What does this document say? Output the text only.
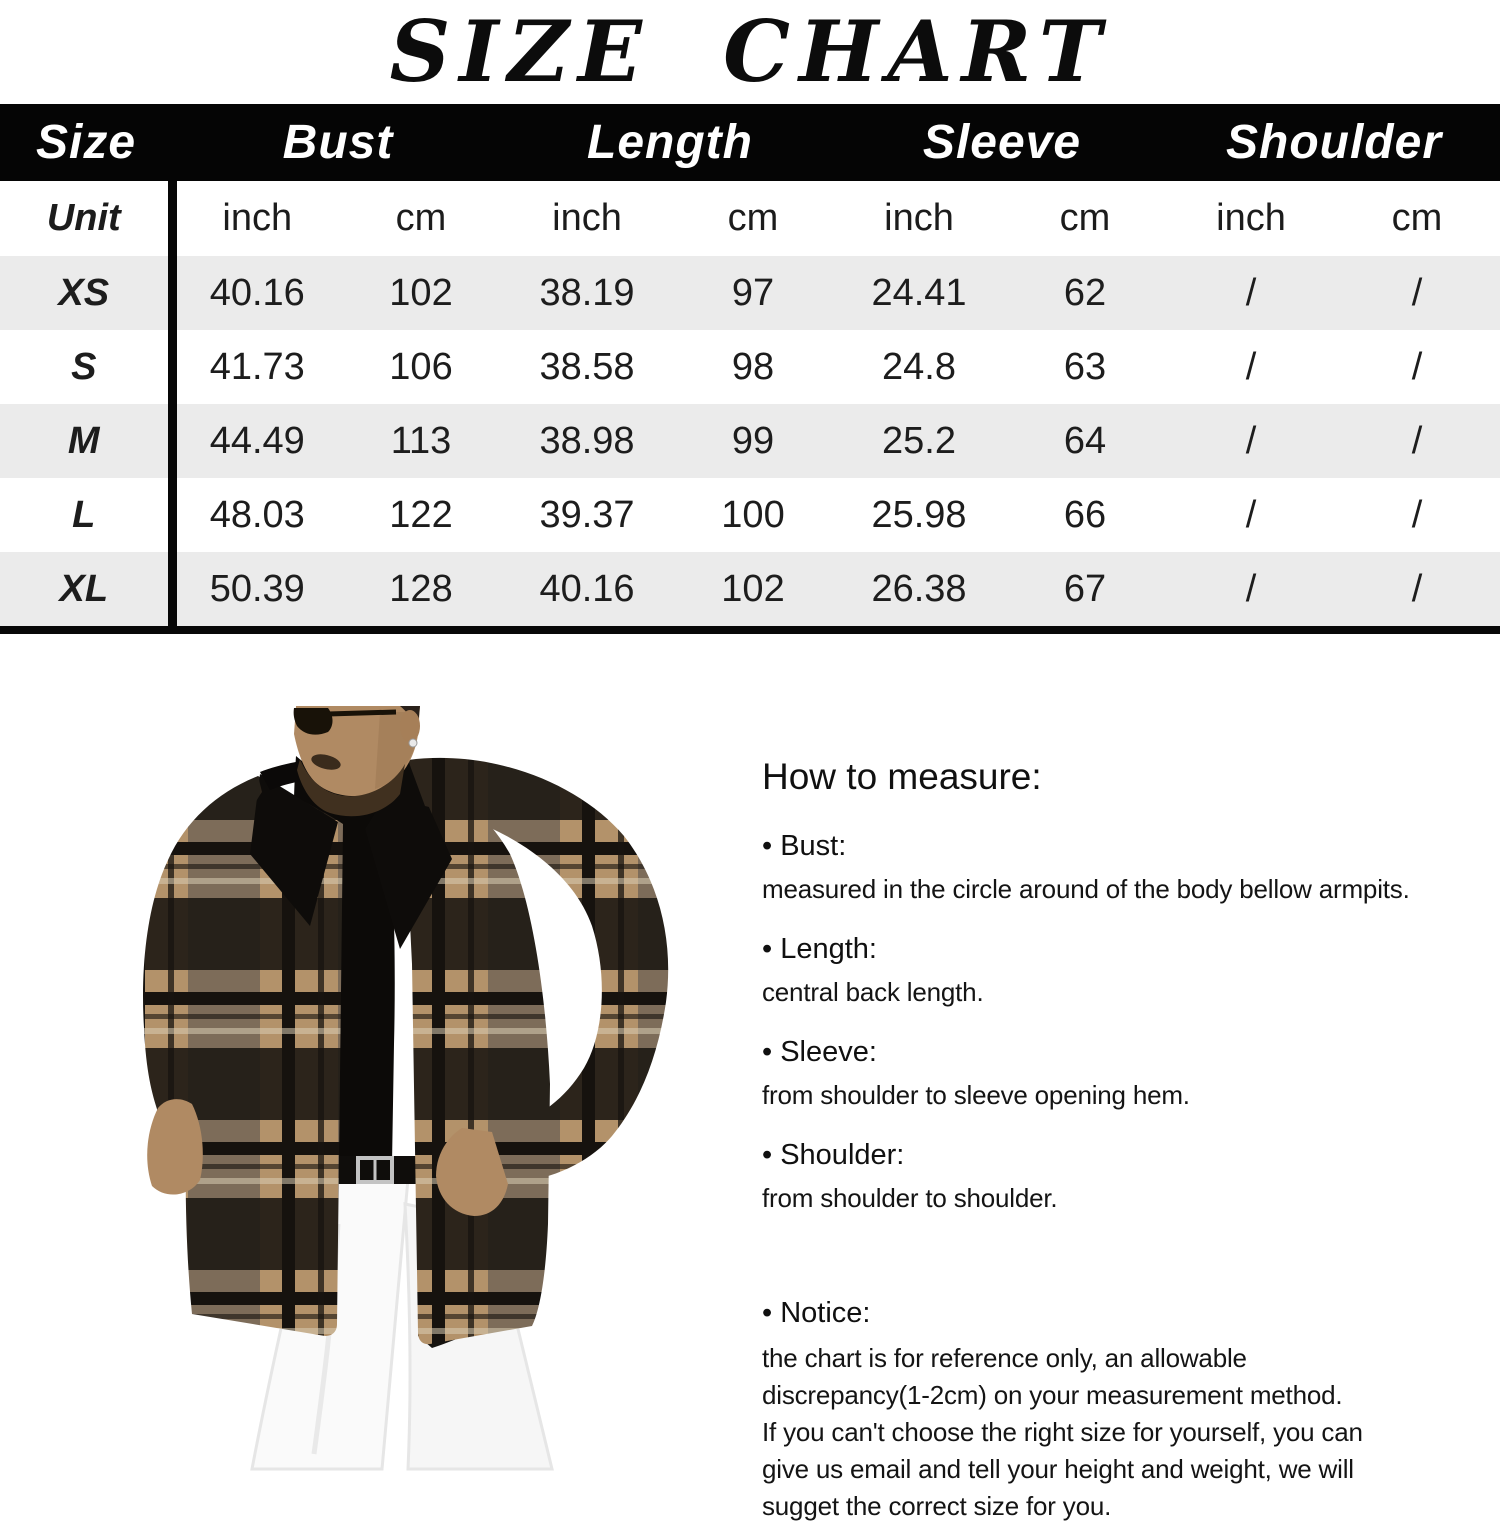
SIZE CHART
Size	Bust		Length		Sleeve		Shoulder	
Unit	inch	cm	inch	cm	inch	cm	inch	cm
XS	40.16	102	38.19	97	24.41	62	/	/
S	41.73	106	38.58	98	24.8	63	/	/
M	44.49	113	38.98	99	25.2	64	/	/
L	48.03	122	39.37	100	25.98	66	/	/
XL	50.39	128	40.16	102	26.38	67	/	/
How to measure:
• Bust:
measured in the circle around of the body bellow armpits.
• Length:
central back length.
• Sleeve:
from shoulder to sleeve opening hem.
• Shoulder:
from shoulder to shoulder.
• Notice:
the chart is for reference only, an allowable
discrepancy(1-2cm) on your measurement method.
If you can't choose the right size for yourself, you can
give us email and tell your height and weight, we will
sugget the correct size for you.
